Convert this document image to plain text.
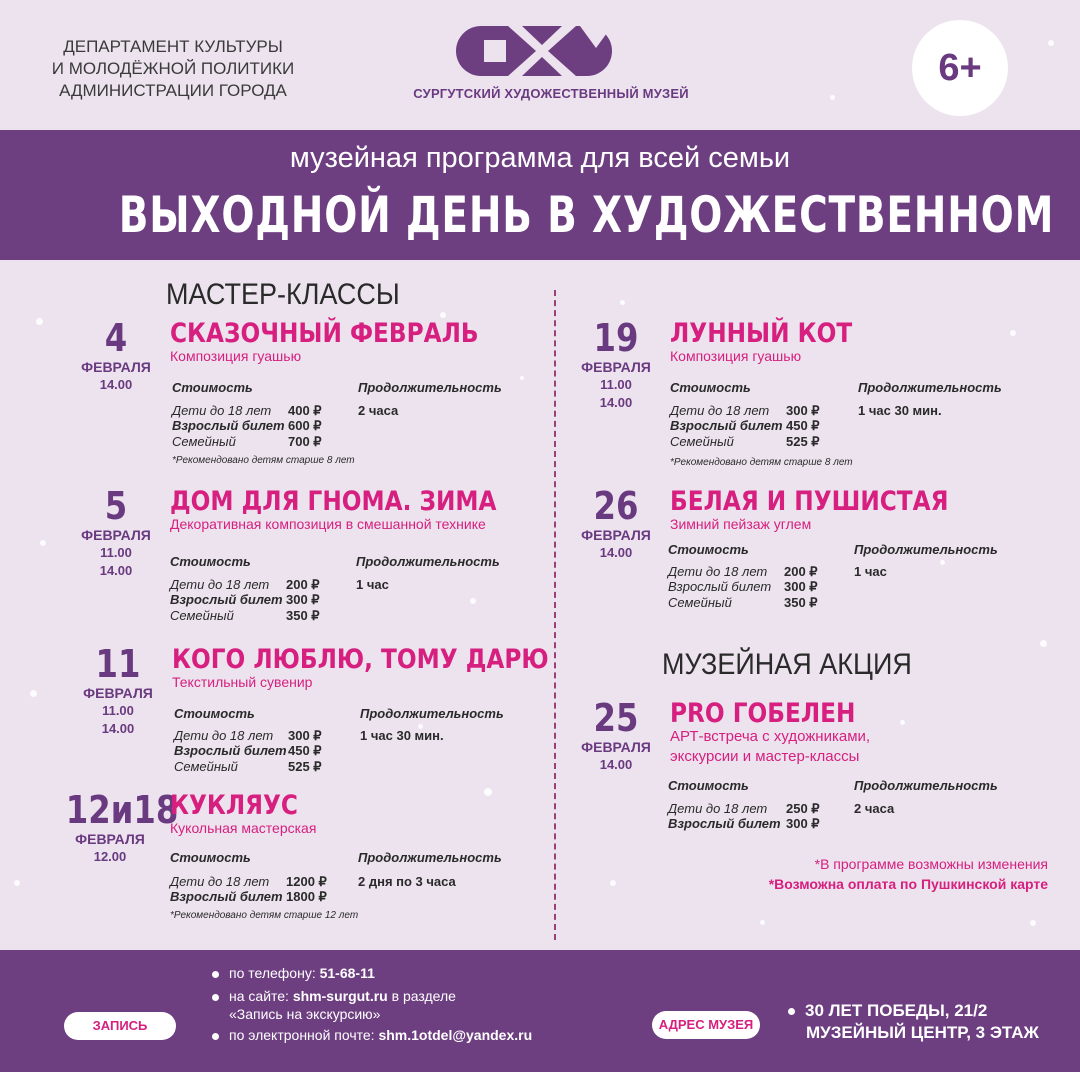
ДЕПАРТАМЕНТ КУЛЬТУРЫ
И МОЛОДЁЖНОЙ ПОЛИТИКИ
АДМИНИСТРАЦИИ ГОРОДА	СУРГУТСКИЙ ХУДОЖЕСТВЕННЫЙ МУЗЕЙ
6+
музейная программа для всей семьи
ВЫХОДНОЙ ДЕНЬ В ХУДОЖЕСТВЕННОМ
МАСТЕР-КЛАССЫ
4
ФЕВРАЛЯ
14.00
СКАЗОЧНЫЙ ФЕВРАЛЬ
Композиция гуашью
Стоимость	Продолжительность
Дети до 18 лет 400 ₽
Взрослый билет 600 ₽
Семейный	700 ₽
2 часа
*Рекомендовано детям старше 8 лет
5
ФЕВРАЛЯ
11.00
14.00
ДОМ ДЛЯ ГНОМА. ЗИМА
Декоративная композиция в смешанной технике
Стоимость	Продолжительность
Дети до 18 лет 200 ₽
Взрослый билет 300 ₽
Семейный	350 ₽
1 час
11
ФЕВРАЛЯ
11.00
14.00
КОГО ЛЮБЛЮ, ТОМУ ДАРЮ
Текстильный сувенир
Стоимость	Продолжительность
Дети до 18 лет 300 ₽
Взрослый билет 450 ₽
Семейный	525 ₽
1 час 30 мин.
12и18
ФЕВРАЛЯ
12.00
КУКЛЯУС
Кукольная мастерская
Стоимость	Продолжительность
Дети до 18 лет 1200 ₽
Взрослый билет 1800 ₽
2 дня по 3 часа
*Рекомендовано детям старше 12 лет
19
ФЕВРАЛЯ
11.00
14.00
ЛУННЫЙ КОТ
Композиция гуашью
Стоимость	Продолжительность
Дети до 18 лет 300 ₽
Взрослый билет 450 ₽
Семейный	525 ₽
1 час 30 мин.
*Рекомендовано детям старше 8 лет
26
ФЕВРАЛЯ
14.00
БЕЛАЯ И ПУШИСТАЯ
Зимний пейзаж углем
Стоимость	Продолжительность
Дети до 18 лет 200 ₽
Взрослый билет 300 ₽
Семейный	350 ₽
1 час
МУЗЕЙНАЯ АКЦИЯ
25
ФЕВРАЛЯ
14.00
PRO ГОБЕЛЕН
АРТ-встреча с художниками,
экскурсии и мастер-классы
Стоимость	Продолжительность
Дети до 18 лет 250 ₽
Взрослый билет 300 ₽
2 часа
*В программе возможны изменения
*Возможна оплата по Пушкинской карте
ЗАПИСЬ
по телефону: 51-68-11
на сайте: shm-surgut.ru в разделе
«Запись на экскурсию»
по электронной почте: shm.1otdel@yandex.ru
АДРЕС МУЗЕЯ
30 ЛЕТ ПОБЕДЫ, 21/2
МУЗЕЙНЫЙ ЦЕНТР, 3 ЭТАЖ
